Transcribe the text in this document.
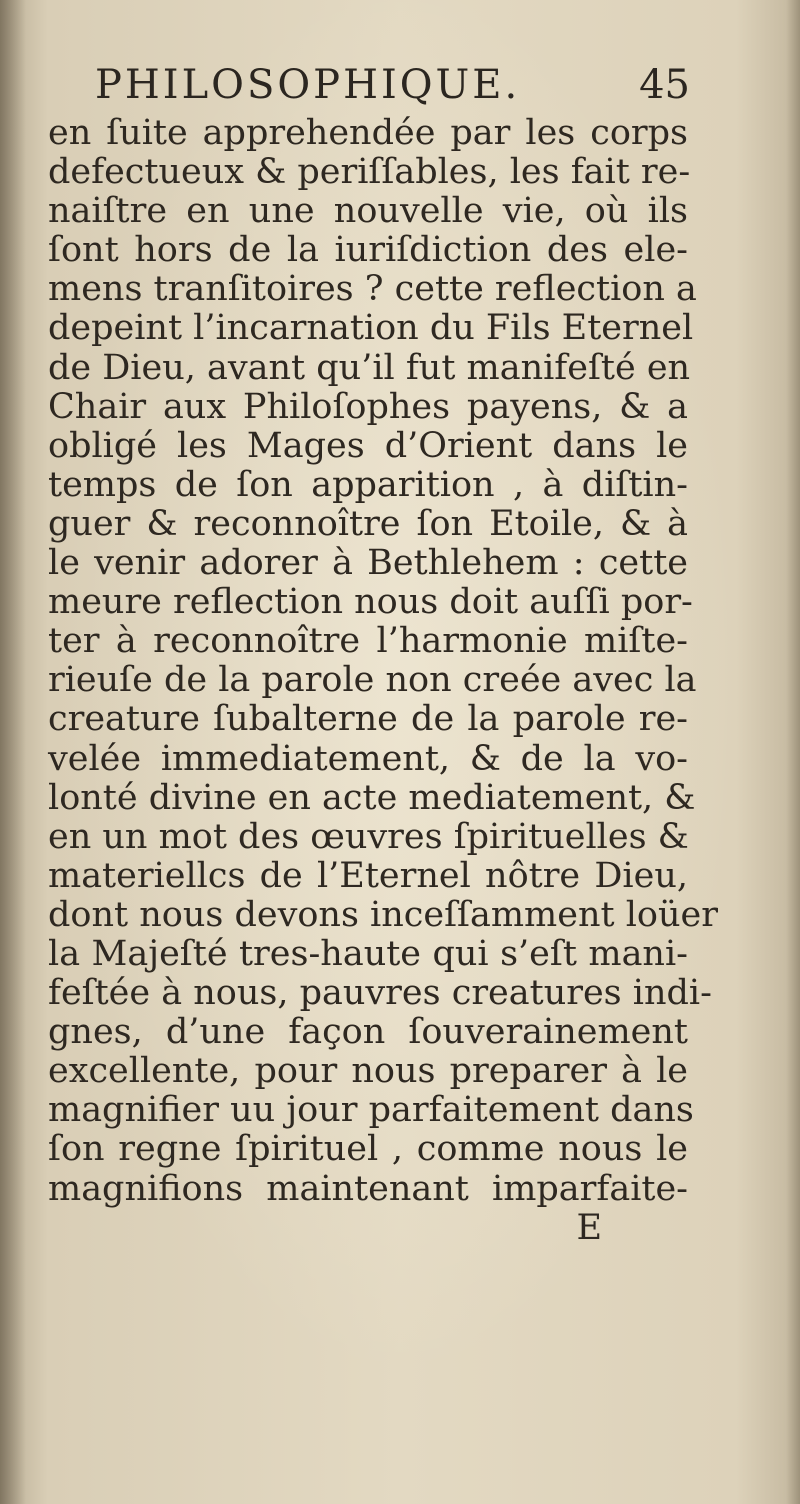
PHILOSOPHIQUE.	45
en ſuite apprehendée par les corps
defectueux & periſſables, les fait re-
naiſtre en une nouvelle vie, où ils
ſont hors de la iuriſdiction des ele-
mens tranſitoires ? cette reflection a
depeint l’incarnation du Fils Eternel
de Dieu, avant qu’il fut manifeſté en
Chair aux Philoſophes payens, & a
obligé les Mages d’Orient dans le
temps de ſon apparition , à diſtin-
guer & reconnoître ſon Etoile, & à
le venir adorer à Bethlehem : cette
meure reflection nous doit auſſi por-
ter à reconnoître l’harmonie miſte-
rieuſe de la parole non creée avec la
creature ſubalterne de la parole re-
velée immediatement, & de la vo-
lonté divine en acte mediatement, &
en un mot des œuvres ſpirituelles &
materiellcs de l’Eternel nôtre Dieu,
dont nous devons inceſſamment loüer
la Majeſté tres-haute qui s’eſt mani-
feſtée à nous, pauvres creatures indi-
gnes, d’une façon ſouverainement
excellente, pour nous preparer à le
magnifier uu jour parfaitement dans
ſon regne ſpirituel , comme nous le
magnifions maintenant imparfaite-
E
